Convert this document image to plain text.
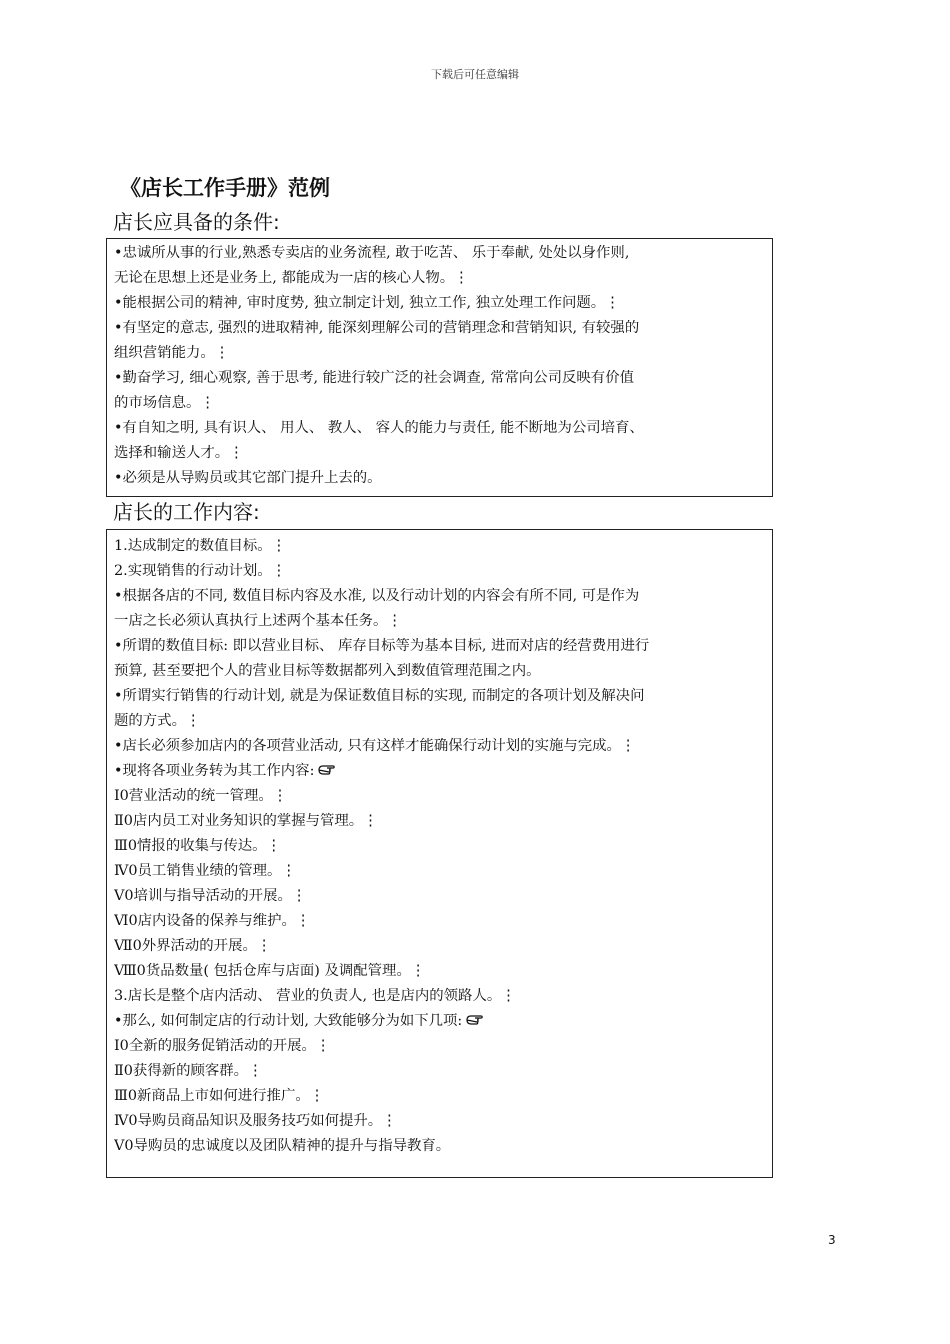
下载后可任意编辑
《店长工作手册》范例
店长应具备的条件:
•忠诚所从事的行业,熟悉专卖店的业务流程, 敢于吃苦、 乐于奉献, 处处以身作则,
无论在思想上还是业务上, 都能成为一店的核心人物。⋮
•能根据公司的精神, 审时度势, 独立制定计划, 独立工作, 独立处理工作问题。⋮
•有坚定的意志, 强烈的进取精神, 能深刻理解公司的营销理念和营销知识, 有较强的
组织营销能力。⋮
•勤奋学习, 细心观察, 善于思考, 能进行较广泛的社会调查, 常常向公司反映有价值
的市场信息。⋮
•有自知之明, 具有识人、 用人、 教人、 容人的能力与责任, 能不断地为公司培育、
选择和输送人才。⋮
•必须是从导购员或其它部门提升上去的。
店长的工作内容:
1.达成制定的数值目标。⋮
2.实现销售的行动计划。⋮
•根据各店的不同, 数值目标内容及水准, 以及行动计划的内容会有所不同, 可是作为
一店之长必须认真执行上述两个基本任务。⋮
•所谓的数值目标: 即以营业目标、 库存目标等为基本目标, 进而对店的经营费用进行
预算, 甚至要把个人的营业目标等数据都列入到数值管理范围之内。
•所谓实行销售的行动计划, 就是为保证数值目标的实现, 而制定的各项计划及解决问
题的方式。⋮
•店长必须参加店内的各项营业活动, 只有这样才能确保行动计划的实施与完成。⋮
•现将各项业务转为其工作内容:
Ⅰ0营业活动的统一管理。⋮
Ⅱ0店内员工对业务知识的掌握与管理。⋮
Ⅲ0情报的收集与传达。⋮
Ⅳ0员工销售业绩的管理。⋮
Ⅴ0培训与指导活动的开展。⋮
Ⅵ0店内设备的保养与维护。⋮
Ⅶ0外界活动的开展。⋮
Ⅷ0货品数量( 包括仓库与店面) 及调配管理。⋮
3.店长是整个店内活动、 营业的负责人, 也是店内的领路人。⋮
•那么, 如何制定店的行动计划, 大致能够分为如下几项:
Ⅰ0全新的服务促销活动的开展。⋮
Ⅱ0获得新的顾客群。⋮
Ⅲ0新商品上市如何进行推广。⋮
Ⅳ0导购员商品知识及服务技巧如何提升。⋮
Ⅴ0导购员的忠诚度以及团队精神的提升与指导教育。
3
